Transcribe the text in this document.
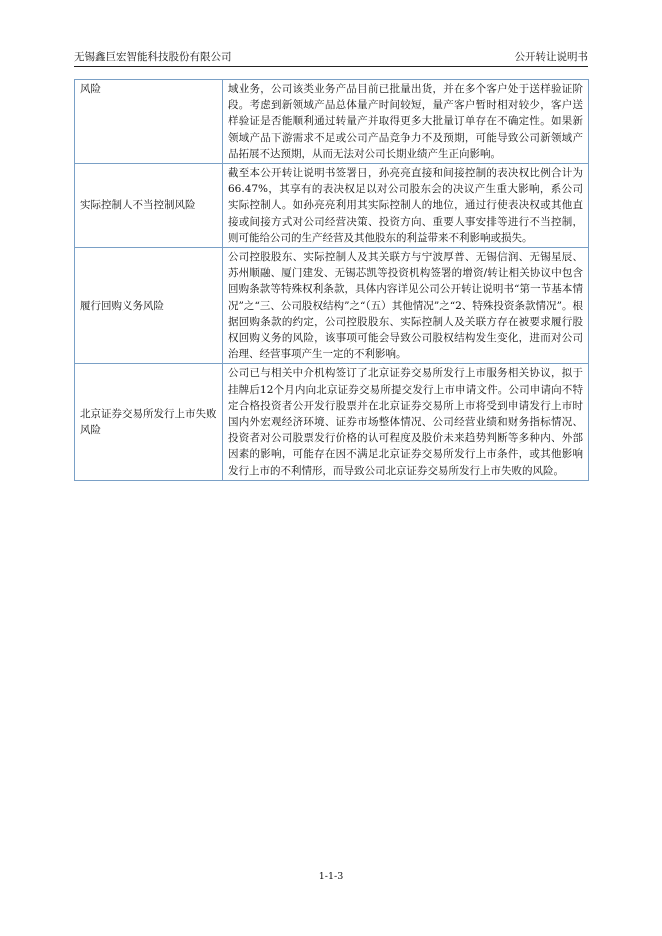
无锡鑫巨宏智能科技股份有限公司	公开转让说明书
风险	域业务，公司该类业务产品目前已批量出货，并在多个客户处于送样验证阶段。考虑到新领域产品总体量产时间较短，量产客户暂时相对较少，客户送样验证是否能顺利通过转量产并取得更多大批量订单存在不确定性。如果新领域产品下游需求不足或公司产品竞争力不及预期，可能导致公司新领域产品拓展不达预期，从而无法对公司长期业绩产生正向影响。
实际控制人不当控制风险	截至本公开转让说明书签署日，孙亮亮直接和间接控制的表决权比例合计为66.47%，其享有的表决权足以对公司股东会的决议产生重大影响，系公司实际控制人。如孙亮亮利用其实际控制人的地位，通过行使表决权或其他直接或间接方式对公司经营决策、投资方向、重要人事安排等进行不当控制，则可能给公司的生产经营及其他股东的利益带来不利影响或损失。
履行回购义务风险	公司控股股东、实际控制人及其关联方与宁波厚普、无锡信润、无锡星辰、苏州顺融、厦门建发、无锡芯凯等投资机构签署的增资/转让相关协议中包含回购条款等特殊权利条款，具体内容详见公司公开转让说明书“第一节基本情况”之“三、公司股权结构”之“（五）其他情况”之“2、特殊投资条款情况”。根据回购条款的约定，公司控股股东、实际控制人及关联方存在被要求履行股权回购义务的风险，该事项可能会导致公司股权结构发生变化，进而对公司治理、经营事项产生一定的不利影响。
北京证券交易所发行上市失败风险	公司已与相关中介机构签订了北京证券交易所发行上市服务相关协议，拟于挂牌后12个月内向北京证券交易所提交发行上市申请文件。公司申请向不特定合格投资者公开发行股票并在北京证券交易所上市将受到申请发行上市时国内外宏观经济环境、证券市场整体情况、公司经营业绩和财务指标情况、投资者对公司股票发行价格的认可程度及股价未来趋势判断等多种内、外部因素的影响，可能存在因不满足北京证券交易所发行上市条件，或其他影响发行上市的不利情形，而导致公司北京证券交易所发行上市失败的风险。
1-1-3
